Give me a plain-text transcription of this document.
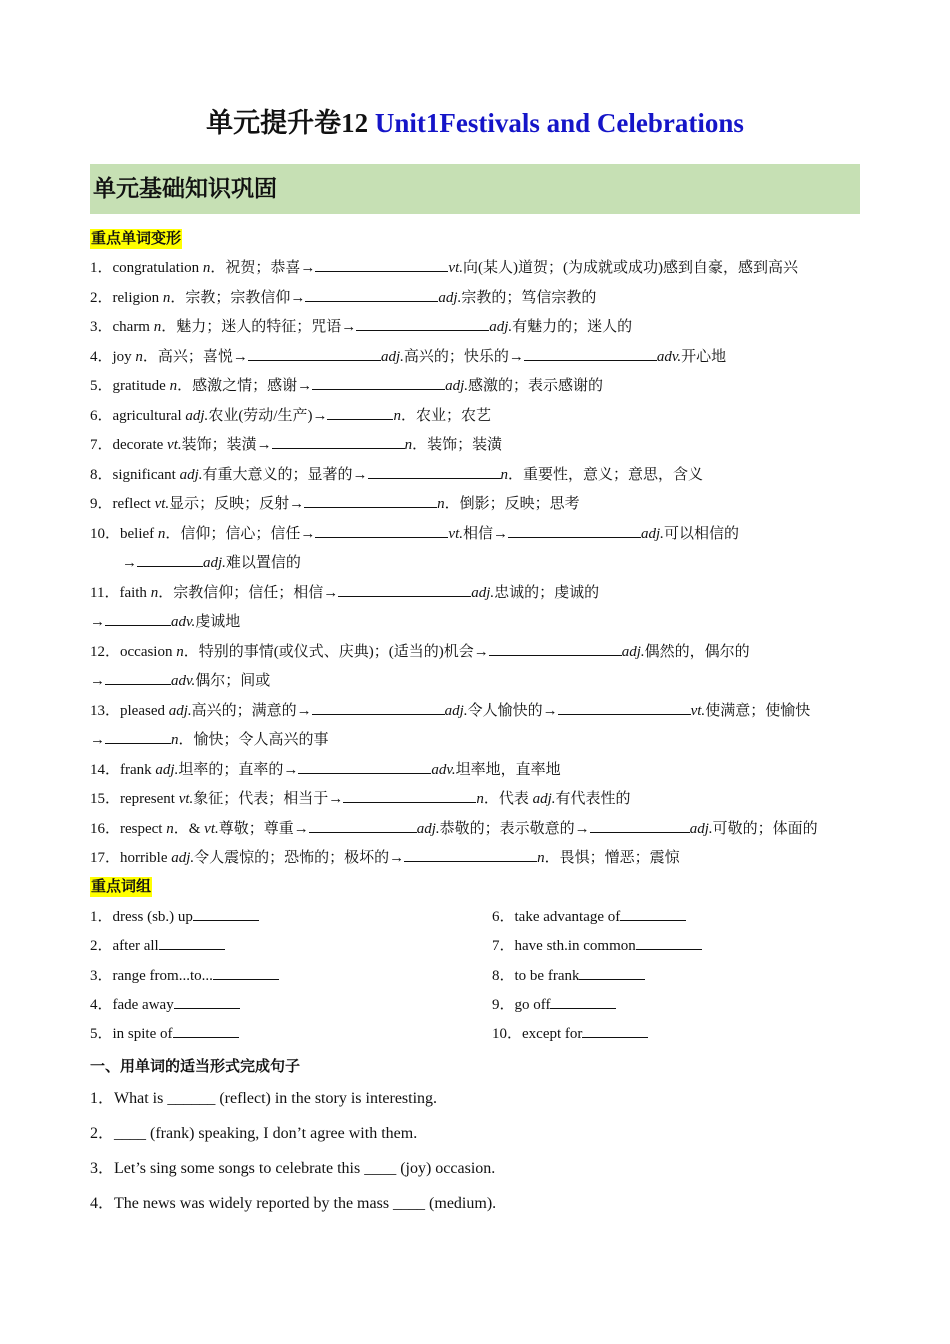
单元提升卷12 Unit1Festivals and Celebrations
单元基础知识巩固
重点单词变形
1．congratulation n．祝贺；恭喜→	vt.向(某人)道贺；(为成就或成功)感到自豪，感到高兴
2．religion n．宗教；宗教信仰→	adj.宗教的；笃信宗教的
3．charm n．魅力；迷人的特征；咒语→	adj.有魅力的；迷人的
4．joy n．高兴；喜悦→	adj.高兴的；快乐的→	adv.开心地
5．gratitude n．感激之情；感谢→	adj.感激的；表示感谢的
6．agricultural adj.农业(劳动/生产)→	n．农业；农艺
7．decorate vt.装饰；装潢→	n．装饰；装潢
8．significant adj.有重大意义的；显著的→	n．重要性，意义；意思，含义
9．reflect vt.显示；反映；反射→	n．倒影；反映；思考
10．belief n．信仰；信心；信任→	vt.相信→	adj.可以相信的
→	adj.难以置信的
11．faith n．宗教信仰；信任；相信→	adj.忠诚的；虔诚的
→	adv.虔诚地
12．occasion n．特别的事情(或仪式、庆典)；(适当的)机会→	adj.偶然的，偶尔的
→	adv.偶尔；间或
13．pleased adj.高兴的；满意的→	adj.令人愉快的→	vt.使满意；使愉快
→	n．愉快；令人高兴的事
14．frank adj.坦率的；直率的→	adv.坦率地，直率地
15．represent vt.象征；代表；相当于→	n．代表 adj.有代表性的
16．respect n．& vt.尊敬；尊重→	adj.恭敬的；表示敬意的→	adj.可敬的；体面的
17．horrible adj.令人震惊的；恐怖的；极坏的→	n．畏惧；憎恶；震惊
重点词组
1．dress (sb.) up
2．after all
3．range from...to...
4．fade away
5．in spite of
6．take advantage of
7．have sth.in common
8．to be frank
9．go off
10．except for
一、用单词的适当形式完成句子
1．What is ______ (reflect) in the story is interesting.
2．____ (frank) speaking, I don’t agree with them.
3．Let’s sing some songs to celebrate this ____ (joy) occasion.
4．The news was widely reported by the mass ____ (medium).
